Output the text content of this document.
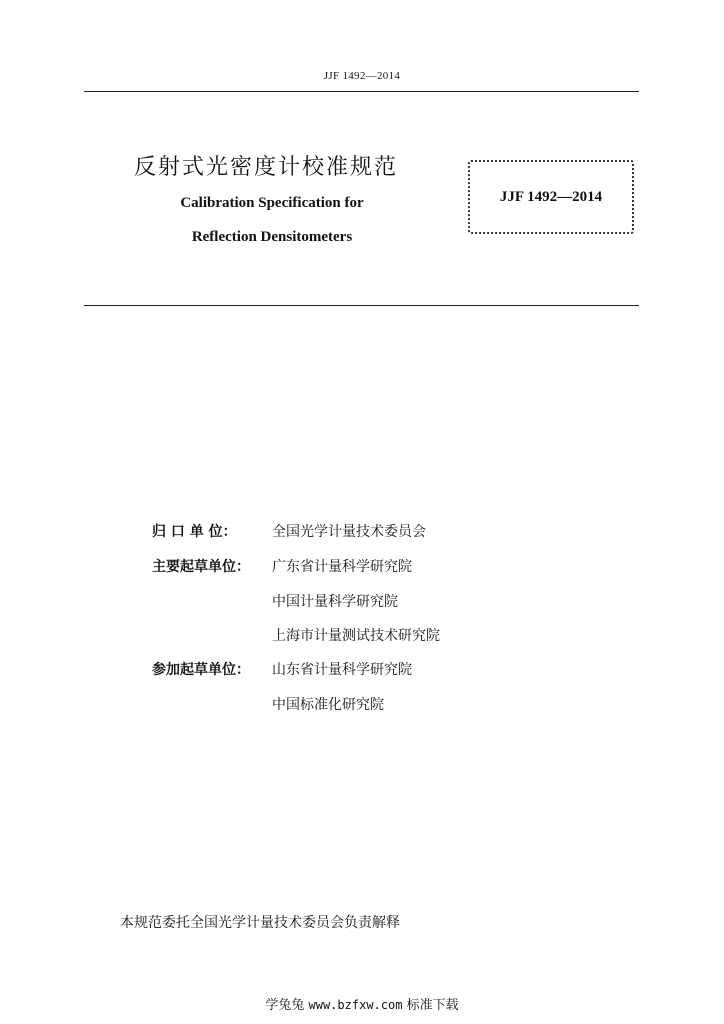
JJF 1492—2014
反射式光密度计校准规范
Calibration Specification for
Reflection Densitometers
JJF 1492—2014
归 口 单 位：	全国光学计量技术委员会
主要起草单位：	广东省计量科学研究院
中国计量科学研究院
上海市计量测试技术研究院
参加起草单位：	山东省计量科学研究院
中国标准化研究院
本规范委托全国光学计量技术委员会负责解释
学兔兔 www.bzfxw.com 标准下载
